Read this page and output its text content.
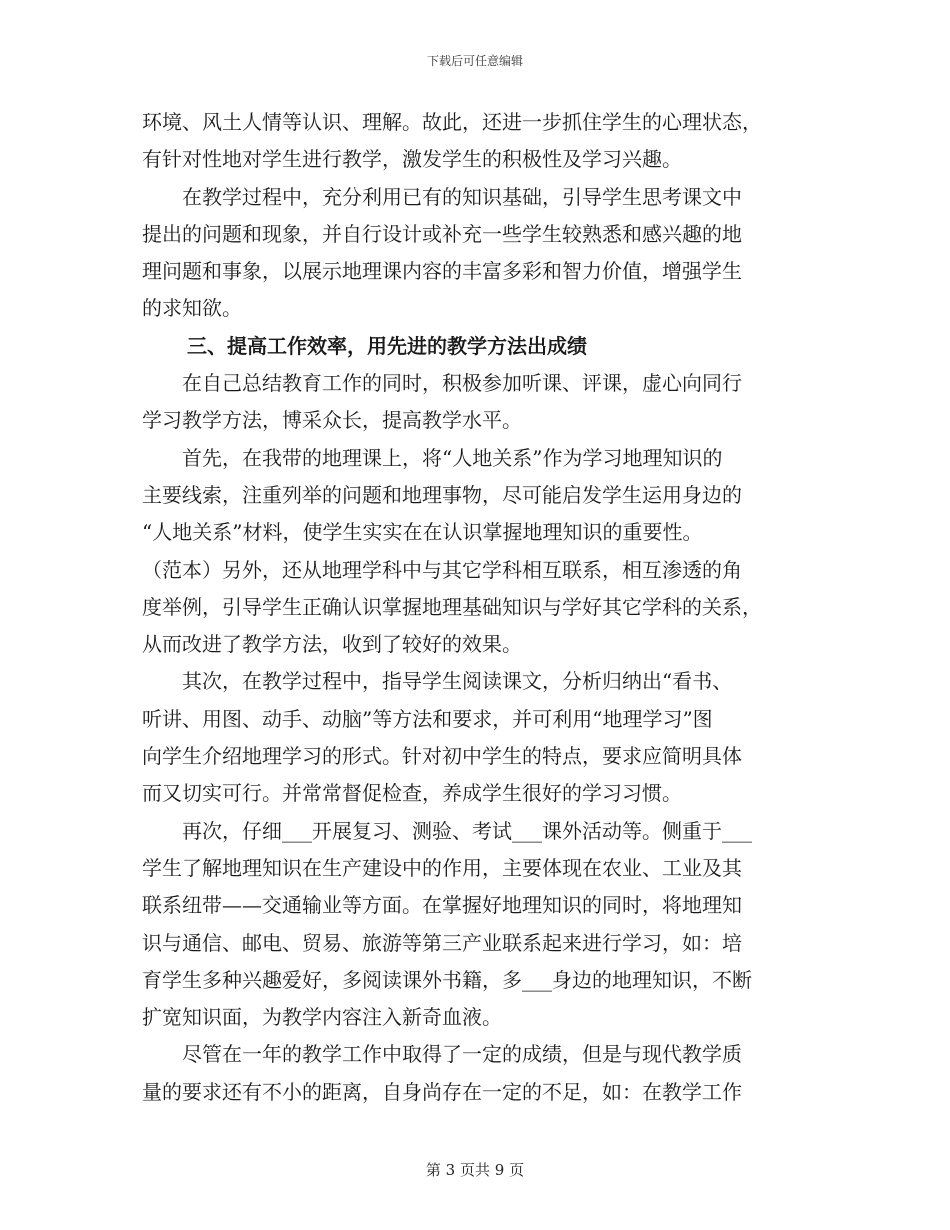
下载后可任意编辑
环境、风土人情等认识、理解。故此，还进一步抓住学生的心理状态，
有针对性地对学生进行教学，激发学生的积极性及学习兴趣。
在教学过程中，充分利用已有的知识基础，引导学生思考课文中
提出的问题和现象，并自行设计或补充一些学生较熟悉和感兴趣的地
理问题和事象，以展示地理课内容的丰富多彩和智力价值，增强学生
的求知欲。
三、提高工作效率，用先进的教学方法出成绩
在自己总结教育工作的同时，积极参加听课、评课，虚心向同行
学习教学方法，博采众长，提高教学水平。
首先，在我带的地理课上，将“人地关系”作为学习地理知识的
主要线索，注重列举的问题和地理事物，尽可能启发学生运用身边的
“人地关系”材料，使学生实实在在认识掌握地理知识的重要性。
（范本）另外，还从地理学科中与其它学科相互联系，相互渗透的角
度举例，引导学生正确认识掌握地理基础知识与学好其它学科的关系，
从而改进了教学方法，收到了较好的效果。
其次，在教学过程中，指导学生阅读课文，分析归纳出“看书、
听讲、用图、动手、动脑”等方法和要求，并可利用“地理学习”图
向学生介绍地理学习的形式。针对初中学生的特点，要求应简明具体
而又切实可行。并常常督促检查，养成学生很好的学习习惯。
再次，仔细___开展复习、测验、考试___课外活动等。侧重于___
学生了解地理知识在生产建设中的作用，主要体现在农业、工业及其
联系纽带——交通输业等方面。在掌握好地理知识的同时，将地理知
识与通信、邮电、贸易、旅游等第三产业联系起来进行学习，如：培
育学生多种兴趣爱好，多阅读课外书籍，多___身边的地理知识，不断
扩宽知识面，为教学内容注入新奇血液。
尽管在一年的教学工作中取得了一定的成绩，但是与现代教学质
量的要求还有不小的距离，自身尚存在一定的不足，如：在教学工作
第 3 页共 9 页
